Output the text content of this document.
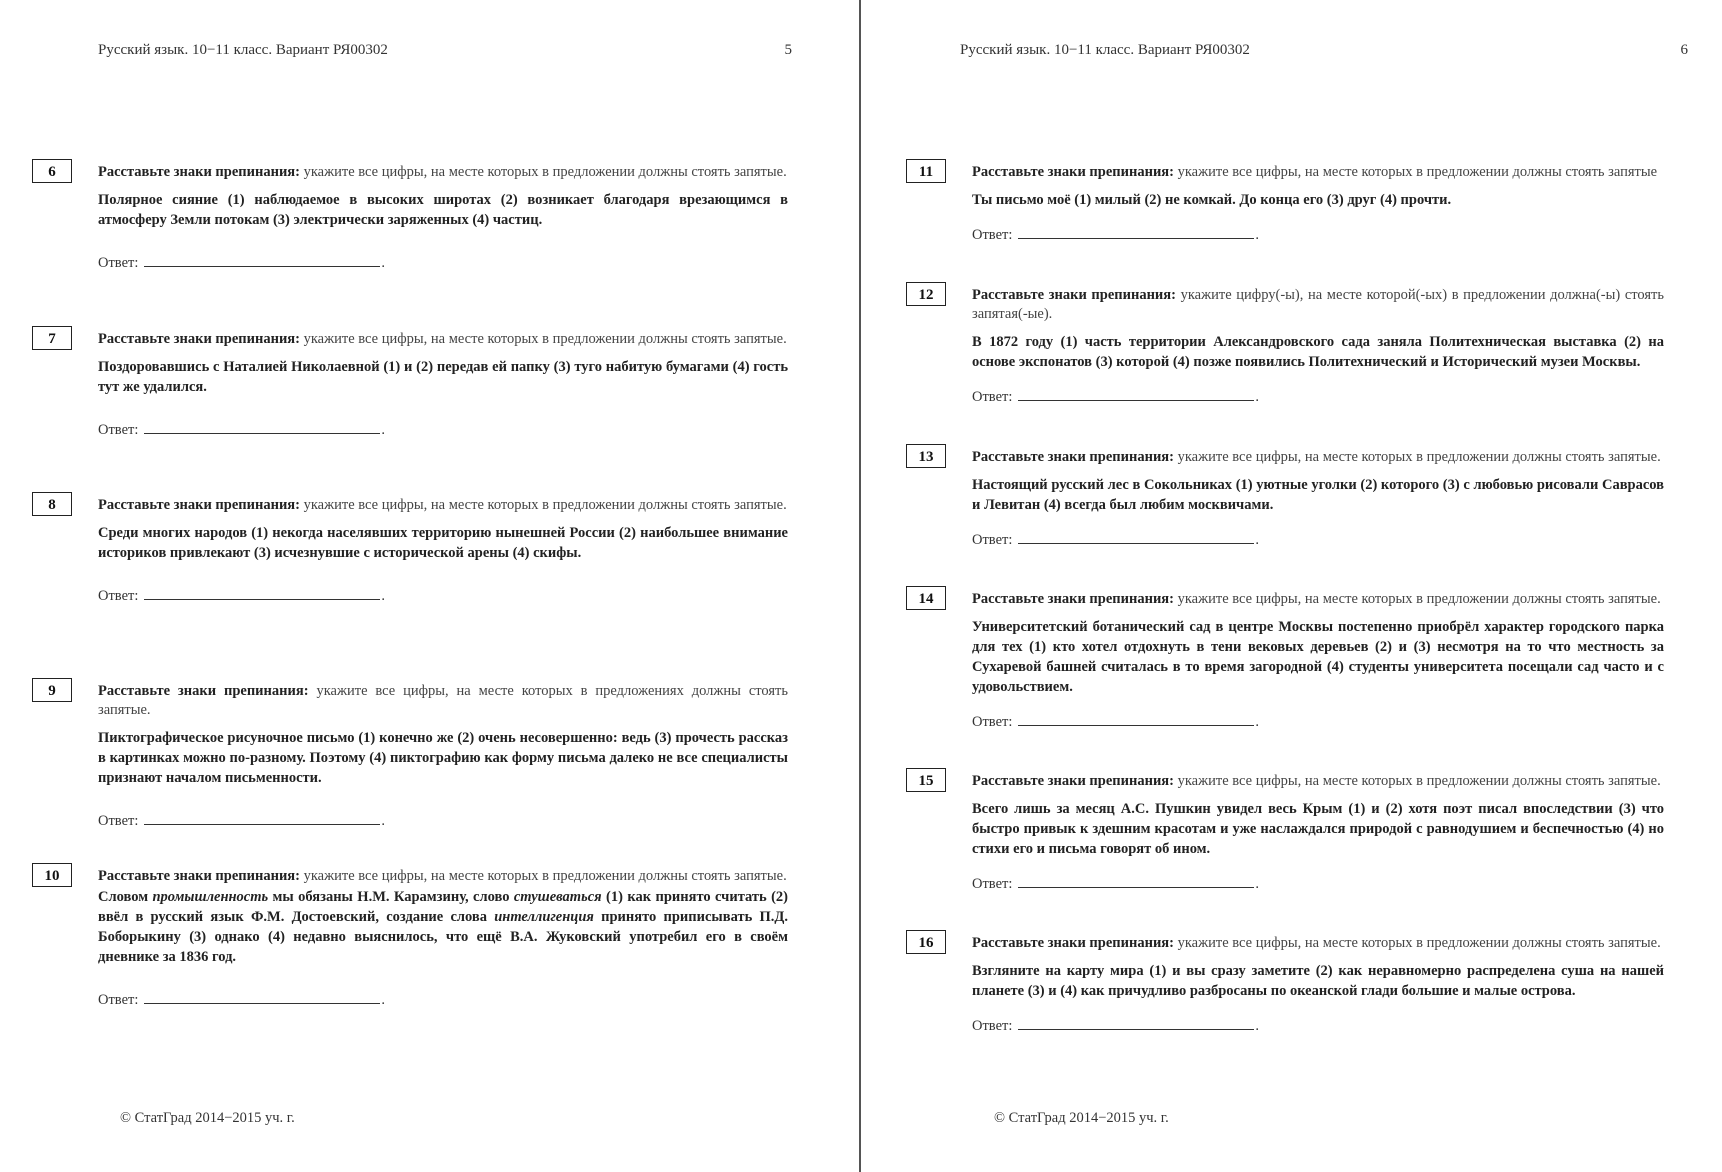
Русский язык. 10−11 класс. Вариант РЯ00302	5
6	Расставьте знаки препинания: укажите все цифры, на месте которых в предложении должны стоять запятые.

Полярное сияние (1) наблюдаемое в высоких широтах (2) возникает благодаря врезающимся в атмосферу Земли потокам (3) электрически заряженных (4) частиц.

Ответ:	.
7	Расставьте знаки препинания: укажите все цифры, на месте которых в предложении должны стоять запятые.

Поздоровавшись с Наталией Николаевной (1) и (2) передав ей папку (3) туго набитую бумагами (4) гость тут же удалился.

Ответ:	.
8	Расставьте знаки препинания: укажите все цифры, на месте которых в предложении должны стоять запятые.

Среди многих народов (1) некогда населявших территорию нынешней России (2) наибольшее внимание историков привлекают (3) исчезнувшие с исторической арены (4) скифы.

Ответ:	.
9	Расставьте знаки препинания: укажите все цифры, на месте которых в предложениях должны стоять запятые.

Пиктографическое рисуночное письмо (1) конечно же (2) очень несовершенно: ведь (3) прочесть рассказ в картинках можно по-разному. Поэтому (4) пиктографию как форму письма далеко не все специалисты признают началом письменности.

Ответ:	.
10	Расставьте знаки препинания: укажите все цифры, на месте которых в предложении должны стоять запятые.

Словом промышленность мы обязаны Н.М. Карамзину, слово стушеваться (1) как принято считать (2) ввёл в русский язык Ф.М. Достоевский, создание слова интеллигенция принято приписывать П.Д. Боборыкину (3) однако (4) недавно выяснилось, что ещё В.А. Жуковский употребил его в своём дневнике за 1836 год.

Ответ:	.
© СтатГрад 2014−2015 уч. г.
Русский язык. 10−11 класс. Вариант РЯ00302	6
11	Расставьте знаки препинания: укажите все цифры, на месте которых в предложении должны стоять запятые

Ты письмо моё (1) милый (2) не комкай. До конца его (3) друг (4) прочти.

Ответ:	.
12	Расставьте знаки препинания: укажите цифру(-ы), на месте которой(-ых) в предложении должна(-ы) стоять запятая(-ые).

В 1872 году (1) часть территории Александровского сада заняла Политехническая выставка (2) на основе экспонатов (3) которой (4) позже появились Политехнический и Исторический музеи Москвы.

Ответ:	.
13	Расставьте знаки препинания: укажите все цифры, на месте которых в предложении должны стоять запятые.

Настоящий русский лес в Сокольниках (1) уютные уголки (2) которого (3) с любовью рисовали Саврасов и Левитан (4) всегда был любим москвичами.

Ответ:	.
14	Расставьте знаки препинания: укажите все цифры, на месте которых в предложении должны стоять запятые.

Университетский ботанический сад в центре Москвы постепенно приобрёл характер городского парка для тех (1) кто хотел отдохнуть в тени вековых деревьев (2) и (3) несмотря на то что местность за Сухаревой башней считалась в то время загородной (4) студенты университета посещали сад часто и с удовольствием.

Ответ:	.
15	Расставьте знаки препинания: укажите все цифры, на месте которых в предложении должны стоять запятые.

Всего лишь за месяц А.С. Пушкин увидел весь Крым (1) и (2) хотя поэт писал впоследствии (3) что быстро привык к здешним красотам и уже наслаждался природой с равнодушием и беспечностью (4) но стихи его и письма говорят об ином.

Ответ:	.
16	Расставьте знаки препинания: укажите все цифры, на месте которых в предложении должны стоять запятые.

Взгляните на карту мира (1) и вы сразу заметите (2) как неравномерно распределена суша на нашей планете (3) и (4) как причудливо разбросаны по океанской глади большие и малые острова.

Ответ:	.
© СтатГрад 2014−2015 уч. г.
